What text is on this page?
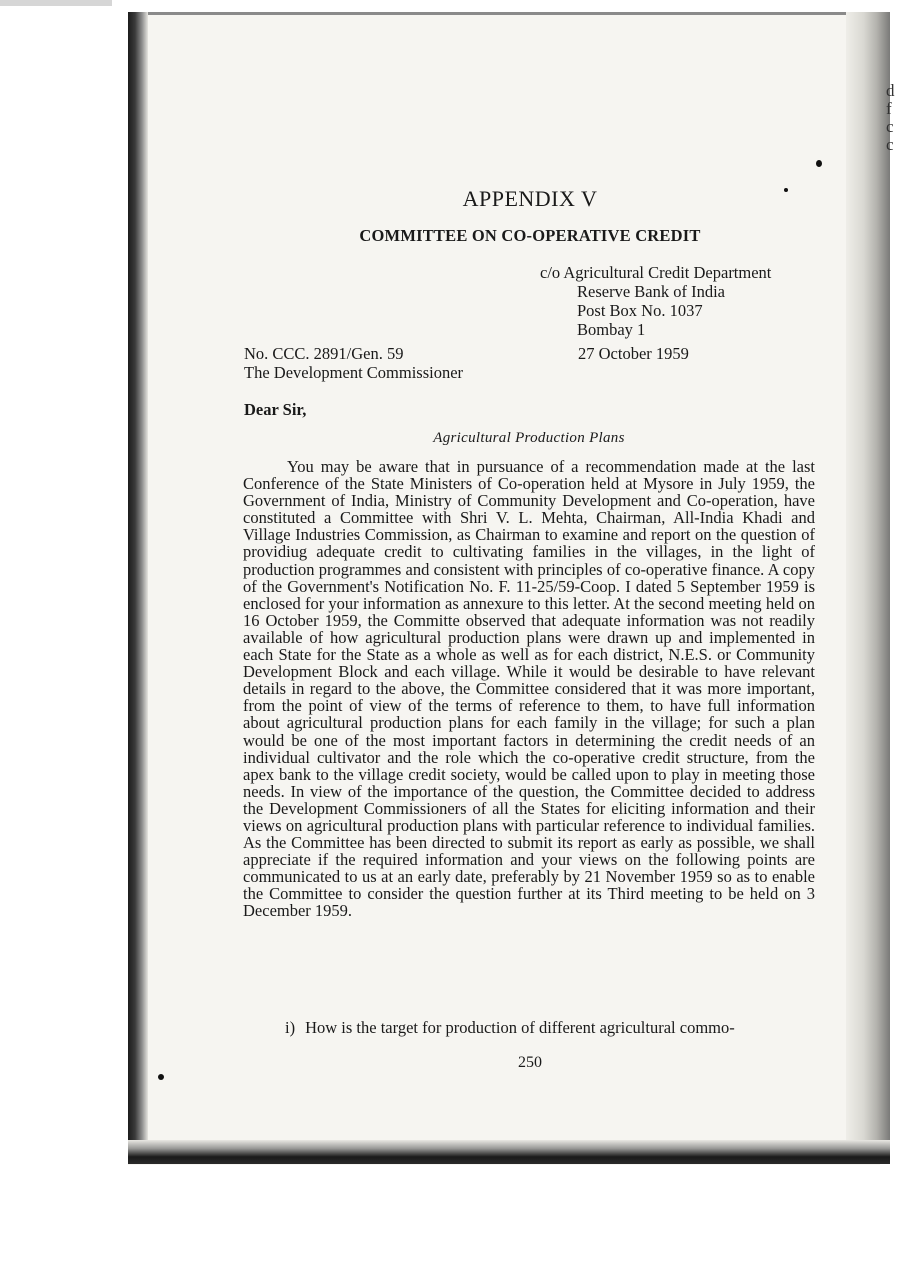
d
f
c
c
APPENDIX V
COMMITTEE ON CO-OPERATIVE CREDIT
c/o Agricultural Credit Department
Reserve Bank of India
Post Box No. 1037
Bombay 1
No. CCC. 2891/Gen. 59
The Development Commissioner
27 October 1959
Dear Sir,
Agricultural Production Plans

You may be aware that in pursuance of a recommendation made at the last Conference of the State Ministers of Co-operation held at Mysore in July 1959, the Government of India, Ministry of Community Development and Co-operation, have constituted a Committee with Shri V. L. Mehta, Chairman, All-India Khadi and Village Industries Commission, as Chairman to examine and report on the question of providiug adequate credit to cultivating families in the villages, in the light of production programmes and consistent with principles of co-operative finance. A copy of the Government's Notification No. F. 11-25/59-Coop. I dated 5 September 1959 is enclosed for your information as annexure to this letter. At the second meeting held on 16 October 1959, the Committe observed that adequate information was not readily available of how agricultural production plans were drawn up and implemented in each State for the State as a whole as well as for each district, N.E.S. or Community Development Block and each village. While it would be desirable to have relevant details in regard to the above, the Committee considered that it was more important, from the point of view of the terms of reference to them, to have full information about agricultural production plans for each family in the village; for such a plan would be one of the most important factors in determining the credit needs of an individual cultivator and the role which the co-operative credit structure, from the apex bank to the village credit society, would be called upon to play in meeting those needs. In view of the importance of the question, the Committee decided to address the Development Commissioners of all the States for eliciting information and their views on agricultural production plans with particular reference to individual families. As the Committee has been directed to submit its report as early as possible, we shall appreciate if the required information and your views on the following points are communicated to us at an early date, preferably by 21 November 1959 so as to enable the Committee to consider the question further at its Third meeting to be held on 3 December 1959.

i) How is the target for production of different agricultural commo-
250
